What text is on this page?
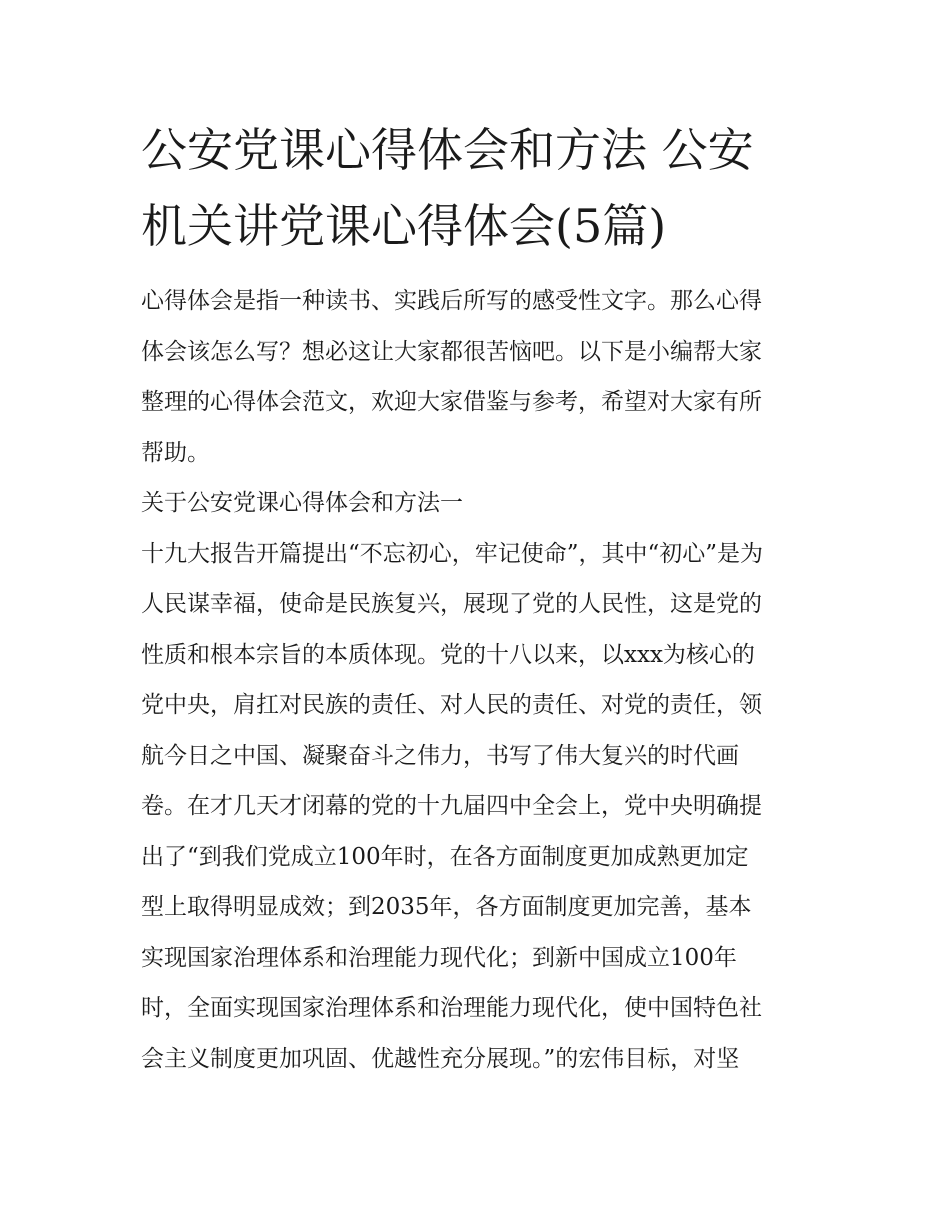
公安党课心得体会和方法 公安
机关讲党课心得体会(5篇)
心得体会是指一种读书、实践后所写的感受性文字。那么心得
体会该怎么写？想必这让大家都很苦恼吧。以下是小编帮大家
整理的心得体会范文，欢迎大家借鉴与参考，希望对大家有所
帮助。
关于公安党课心得体会和方法一
十九大报告开篇提出“不忘初心，牢记使命”，其中“初心”是为
人民谋幸福，使命是民族复兴，展现了党的人民性，这是党的
性质和根本宗旨的本质体现。党的十八以来，以xxx为核心的
党中央，肩扛对民族的责任、对人民的责任、对党的责任，领
航今日之中国、凝聚奋斗之伟力，书写了伟大复兴的时代画
卷。在才几天才闭幕的党的十九届四中全会上，党中央明确提
出了“到我们党成立100年时，在各方面制度更加成熟更加定
型上取得明显成效；到2035年，各方面制度更加完善，基本
实现国家治理体系和治理能力现代化；到新中国成立100年
时，全面实现国家治理体系和治理能力现代化，使中国特色社
会主义制度更加巩固、优越性充分展现。”的宏伟目标，对坚
